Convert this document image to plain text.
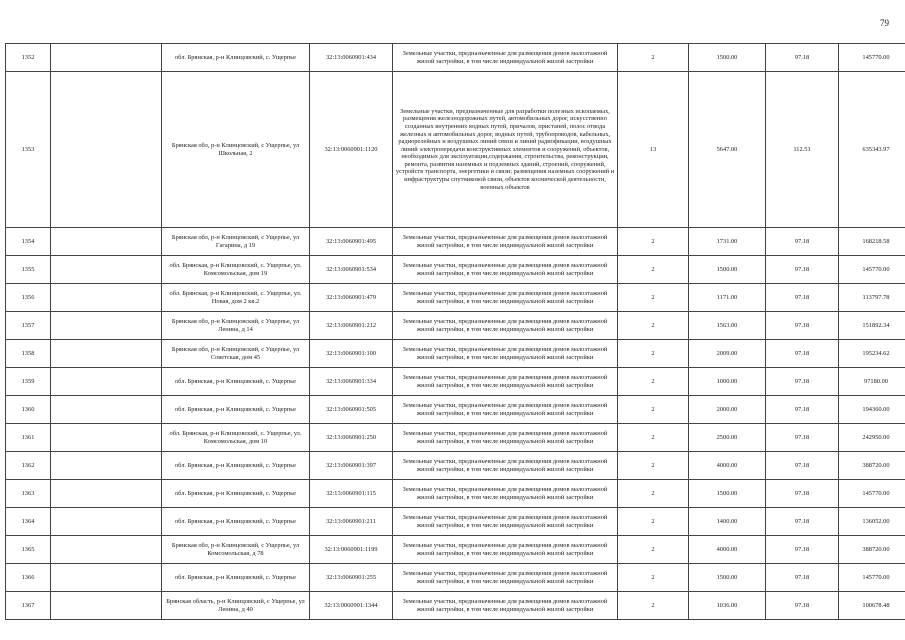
79
1352		обл. Брянская, р-н Клинцовский, с. Ущерпье	32:13:0060901:434	Земельные участки, предназначенные для размещения домов малоэтажной жилой застройки, в том числе индивидуальной жилой застройки	2	1500.00	97.18	145770.00
1353		Брянская обл, р-н Клинцовский, с Ущерпье, ул Школьная, 2	32:13:0060901:1120	Земельные участки, предназначенные для разработки полезных ископаемых, размещения железнодорожных путей, автомобильных дорог, искусственно созданных внутренних водных путей, причалов, пристаней, полос отвода железных и автомобильных дорог, водных путей, трубопроводов, кабельных, радиорелейных и воздушных линий связи и линий радиофикации, воздушных линий электропередачи конструктивных элементов и сооружений, объектов, необходимых для эксплуатации,содержания, строительства, реконструкции, ремонта, развития наземных и подземных зданий, строений, сооружений, устройств транспорта, энергетики и связи; размещения наземных сооружений и инфраструктуры спутниковой связи, объектов космической деятельности, военных объектов	13	5647.00	112.51	635343.97
1354		Брянская обл, р-н Клинцовский, с Ущерпье, ул Гагарина, д 19	32:13:0060901:495	Земельные участки, предназначенные для размещения домов малоэтажной жилой застройки, в том числе индивидуальной жилой застройки	2	1731.00	97.18	168218.58
1355		обл. Брянская, р-н Клинцовский, с. Ущерпье, ул. Комсомольская, дом 19	32:13:0060901:534	Земельные участки, предназначенные для размещения домов малоэтажной жилой застройки, в том числе индивидуальной жилой застройки	2	1500.00	97.18	145770.00
1356		обл. Брянская, р-н Клинцовский, с. Ущерпье, ул. Новая, дом 2 кв.2	32:13:0060901:479	Земельные участки, предназначенные для размещения домов малоэтажной жилой застройки, в том числе индивидуальной жилой застройки	2	1171.00	97.18	113797.78
1357		Брянская обл, р-н Клинцовский, с Ущерпье, ул Ленина, д 14	32:13:0060901:212	Земельные участки, предназначенные для размещения домов малоэтажной жилой застройки, в том числе индивидуальной жилой застройки	2	1563.00	97.18	151892.34
1358		Брянская обл, р-н Клинцовский, с Ущерпье, ул Советская, дом 45	32:13:0060901:100	Земельные участки, предназначенные для размещения домов малоэтажной жилой застройки, в том числе индивидуальной жилой застройки	2	2009.00	97.18	195234.62
1359		обл. Брянская, р-н Клинцовский, с. Ущерпье	32:13:0060901:334	Земельные участки, предназначенные для размещения домов малоэтажной жилой застройки, в том числе индивидуальной жилой застройки	2	1000.00	97.18	97180.00
1360		обл. Брянская, р-н Клинцовский, с. Ущерпье	32:13:0060901:505	Земельные участки, предназначенные для размещения домов малоэтажной жилой застройки, в том числе индивидуальной жилой застройки	2	2000.00	97.18	194360.00
1361		обл. Брянская, р-н Клинцовский, с. Ущерпье, ул. Комсомольская, дом 10	32:13:0060901:250	Земельные участки, предназначенные для размещения домов малоэтажной жилой застройки, в том числе индивидуальной жилой застройки	2	2500.00	97.18	242950.00
1362		обл. Брянская, р-н Клинцовский, с. Ущерпье	32:13:0060901:397	Земельные участки, предназначенные для размещения домов малоэтажной жилой застройки, в том числе индивидуальной жилой застройки	2	4000.00	97.18	388720.00
1363		обл. Брянская, р-н Клинцовский, с. Ущерпье	32:13:0060901:115	Земельные участки, предназначенные для размещения домов малоэтажной жилой застройки, в том числе индивидуальной жилой застройки	2	1500.00	97.18	145770.00
1364		обл. Брянская, р-н Клинцовский, с. Ущерпье	32:13:0060901:211	Земельные участки, предназначенные для размещения домов малоэтажной жилой застройки, в том числе индивидуальной жилой застройки	2	1400.00	97.18	136052.00
1365		Брянская обл, р-н Клинцовский, с Ущерпье, ул Комсомольская, д 78	32:13:0060901:1199	Земельные участки, предназначенные для размещения домов малоэтажной жилой застройки, в том числе индивидуальной жилой застройки	2	4000.00	97.18	388720.00
1366		обл. Брянская, р-н Клинцовский, с. Ущерпье	32:13:0060901:255	Земельные участки, предназначенные для размещения домов малоэтажной жилой застройки, в том числе индивидуальной жилой застройки	2	1500.00	97.18	145770.00
1367		Брянская область, р-н Клинцовский, с Ущерпье, ул Ленина, д 40	32:13:0060901:1344	Земельные участки, предназначенные для размещения домов малоэтажной жилой застройки, в том числе индивидуальной жилой застройки	2	1036.00	97.18	100678.48
